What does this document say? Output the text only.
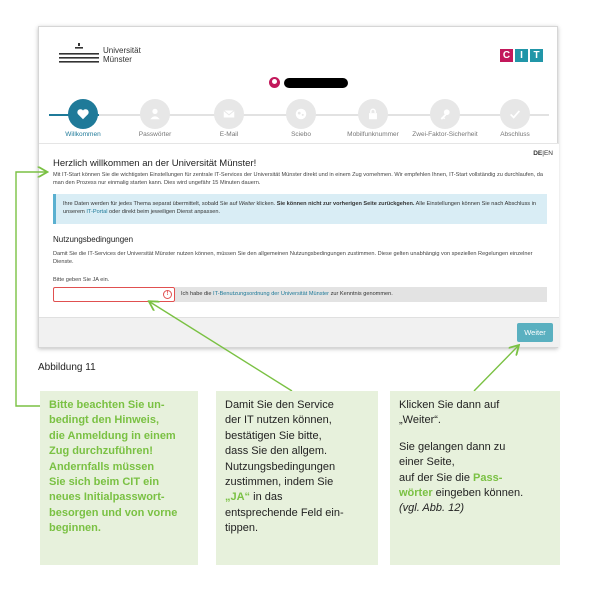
Universität
Münster	C	I	T
Willkommen	Passwörter	E-Mail	Sciebo	Mobilfunknummer	Zwei-Faktor-Sicherheit	Abschluss
DE|EN
Herzlich willkommen an der Universität Münster!
Mit IT-Start können Sie die wichtigsten Einstellungen für zentrale IT-Services der Universität Münster direkt und in einem Zug vornehmen. Wir empfehlen Ihnen, IT-Start vollständig zu durchlaufen, da man den Prozess nur einmalig starten kann. Dies wird ungefähr 15 Minuten dauern.
Ihre Daten werden für jedes Thema separat übermittelt, sobald Sie auf Weiter klicken. Sie können nicht zur vorherigen Seite zurückgehen. Alle Einstellungen können Sie nach Abschluss in unserem IT-Portal oder direkt beim jeweiligen Dienst anpassen.
Nutzungsbedingungen
Damit Sie die IT-Services der Universität Münster nutzen können, müssen Sie den allgemeinen Nutzungsbedingungen zustimmen. Diese gelten unabhängig von speziellen Regelungen einzelner Dienste.
Bitte geben Sie JA ein.
!	Ich habe die IT-Benutzungsordnung der Universität Münster zur Kenntnis genommen.
Weiter
Abbildung 11
Bitte beachten Sie un-
bedingt den Hinweis,
die Anmeldung in einem
Zug durchzuführen!
Andernfalls müssen
Sie sich beim CIT ein
neues Initialpasswort-
besorgen und von vorne
beginnen.
Damit Sie den Service
der IT nutzen können,
bestätigen Sie bitte,
dass Sie den allgem.
Nutzungsbedingungen
zustimmen, indem Sie
„JA“ in das
entsprechende Feld ein-
tippen.
Klicken Sie dann auf
„Weiter“.
Sie gelangen dann zu
einer Seite,
auf der Sie die Pass-
wörter eingeben können.
(vgl. Abb. 12)
